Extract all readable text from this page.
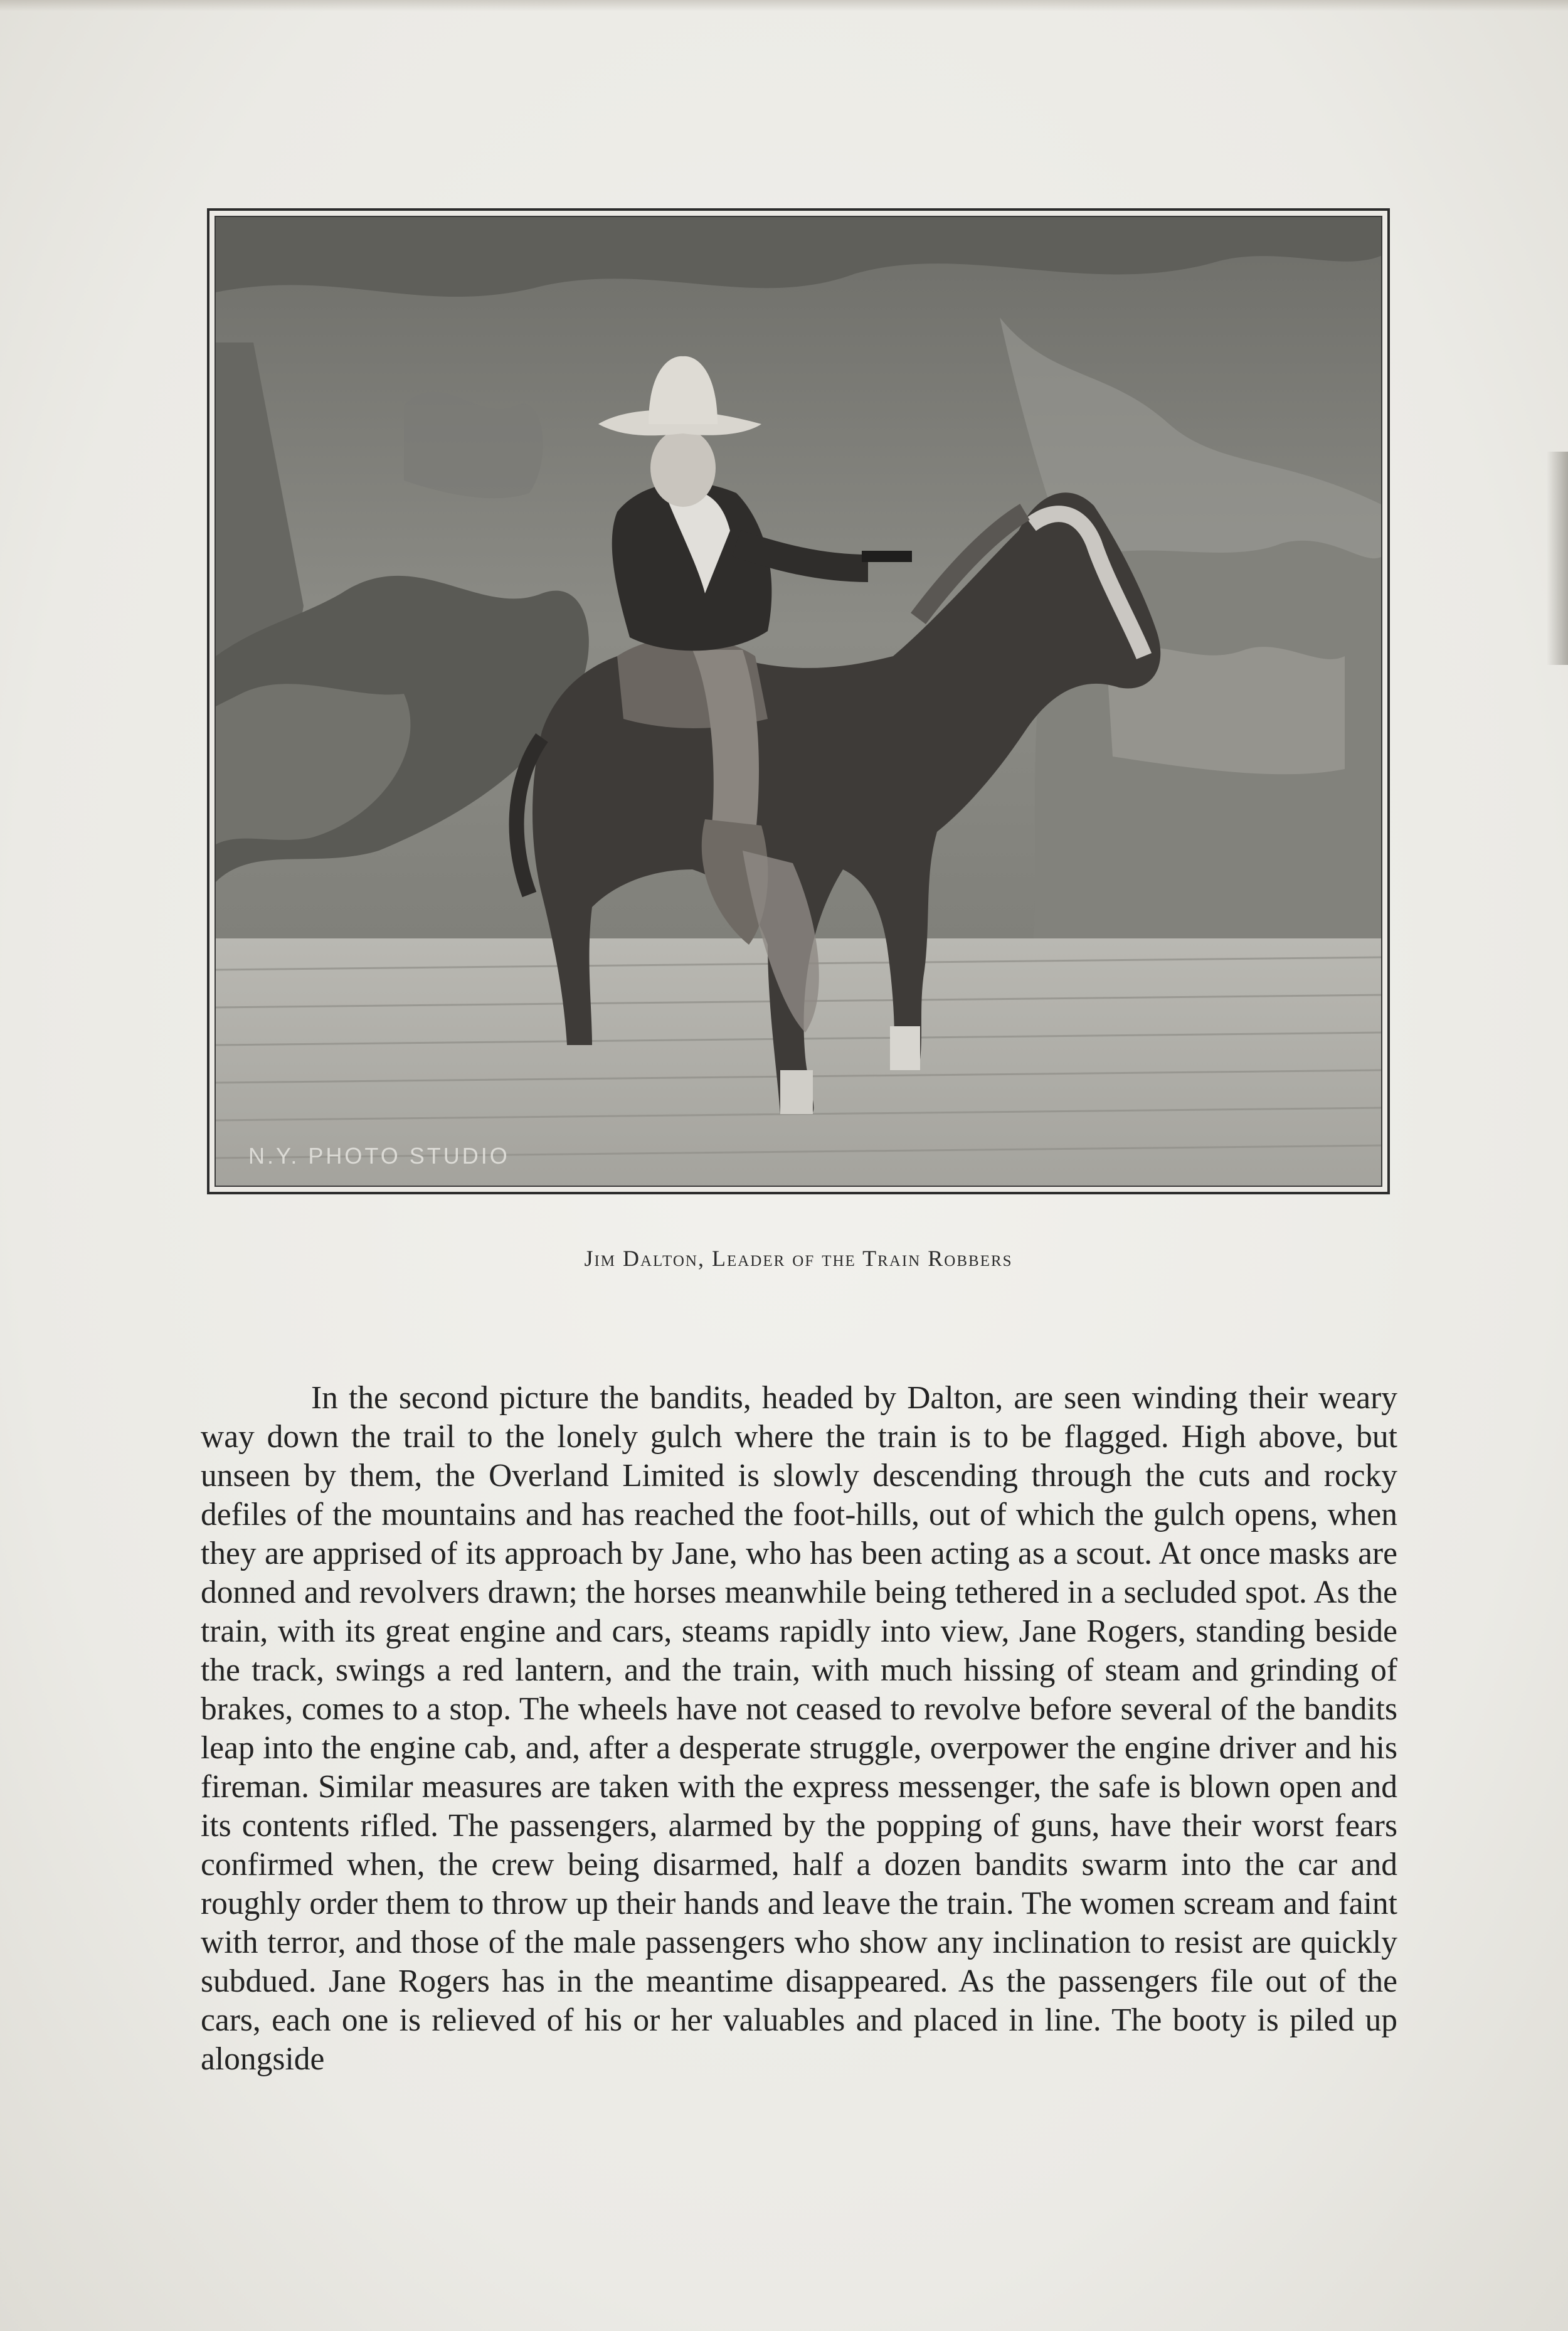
N.Y. PHOTO STUDIO
Jim Dalton, Leader of the Train Robbers

In the second picture the bandits, headed by Dalton, are seen winding their weary way down the trail to the lonely gulch where the train is to be flagged. High above, but unseen by them, the Overland Limited is slowly descending through the cuts and rocky defiles of the mountains and has reached the foot-hills, out of which the gulch opens, when they are apprised of its approach by Jane, who has been acting as a scout. At once masks are donned and revolvers drawn; the horses meanwhile being tethered in a secluded spot. As the train, with its great engine and cars, steams rapidly into view, Jane Rogers, standing beside the track, swings a red lantern, and the train, with much hissing of steam and grinding of brakes, comes to a stop. The wheels have not ceased to revolve before several of the bandits leap into the engine cab, and, after a desperate struggle, overpower the engine driver and his fireman. Similar measures are taken with the express messenger, the safe is blown open and its contents rifled. The passengers, alarmed by the popping of guns, have their worst fears confirmed when, the crew being disarmed, half a dozen bandits swarm into the car and roughly order them to throw up their hands and leave the train. The women scream and faint with terror, and those of the male passengers who show any inclination to resist are quickly subdued. Jane Rogers has in the meantime disappeared. As the passengers file out of the cars, each one is relieved of his or her valuables and placed in line. The booty is piled up alongside
